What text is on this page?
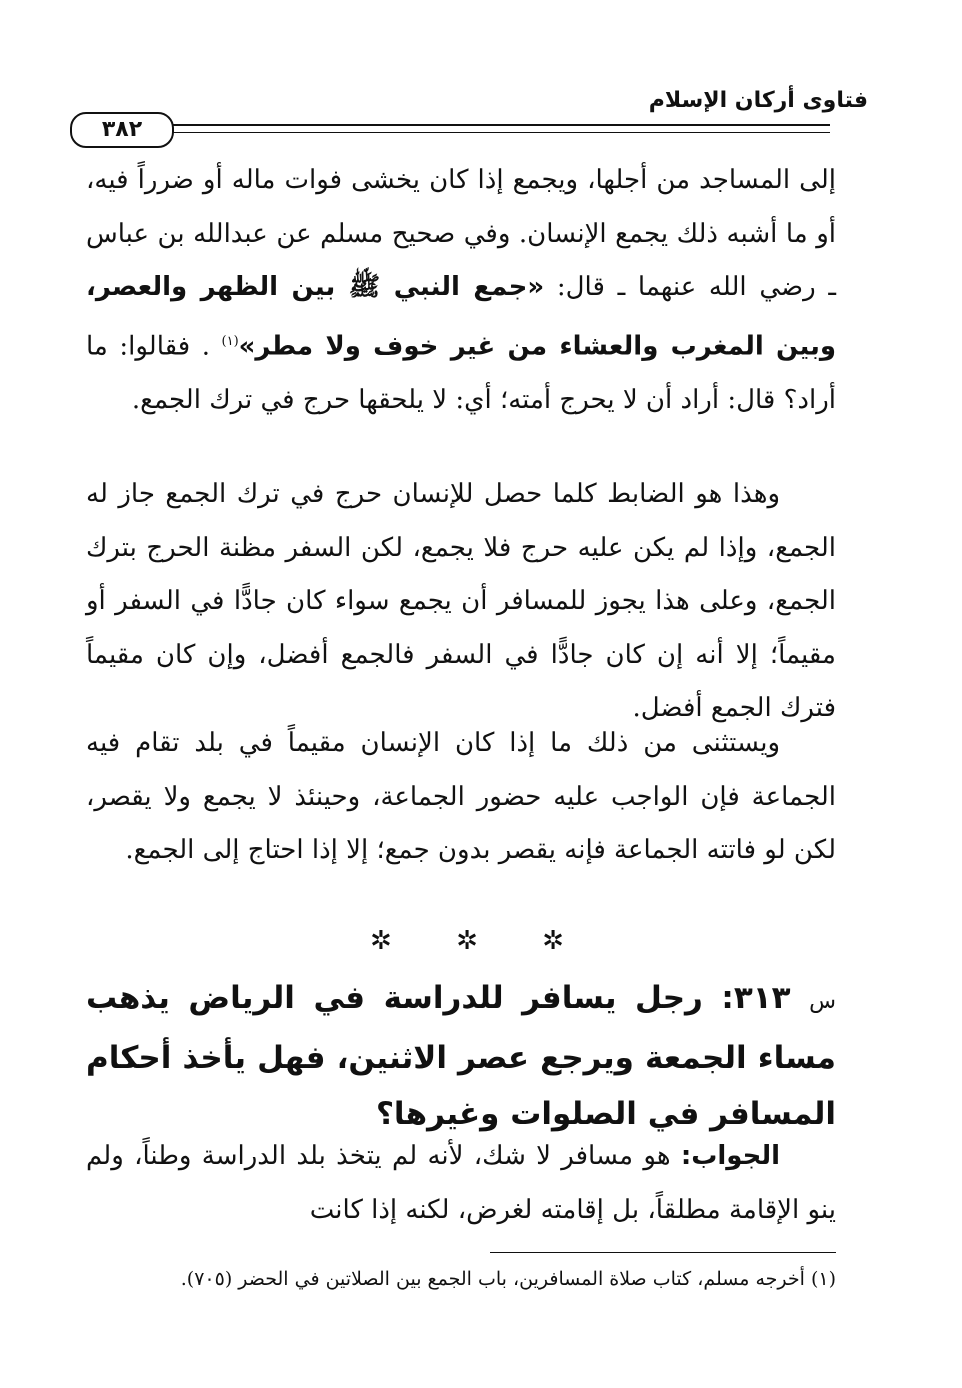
فتاوى أركان الإسلام
٣٨٢
إلى المساجد من أجلها، ويجمع إذا كان يخشى فوات ماله أو ضرراً فيه، أو ما أشبه ذلك يجمع الإنسان. وفي صحيح مسلم عن عبدالله بن عباس ـ رضي الله عنهما ـ قال: «جمع النبي ﷺ بين الظهر والعصر، وبين المغرب والعشاء من غير خوف ولا مطر»$^{(١)}$ . فقالوا: ما أراد؟ قال: أراد أن لا يحرج أمته؛ أي: لا يلحقها حرج في ترك الجمع.
وهذا هو الضابط كلما حصل للإنسان حرج في ترك الجمع جاز له الجمع، وإذا لم يكن عليه حرج فلا يجمع، لكن السفر مظنة الحرج بترك الجمع، وعلى هذا يجوز للمسافر أن يجمع سواء كان جادًّا في السفر أو مقيماً؛ إلا أنه إن كان جادًّا في السفر فالجمع أفضل، وإن كان مقيماً فترك الجمع أفضل.
ويستثنى من ذلك ما إذا كان الإنسان مقيماً في بلد تقام فيه الجماعة فإن الواجب عليه حضور الجماعة، وحينئذ لا يجمع ولا يقصر، لكن لو فاتته الجماعة فإنه يقصر بدون جمع؛ إلا إذا احتاج إلى الجمع.
✲ ✲ ✲
س ٣١٣: رجل يسافر للدراسة في الرياض يذهب مساء الجمعة ويرجع عصر الاثنين، فهل يأخذ أحكام المسافر في الصلوات وغيرها؟
الجواب: هو مسافر لا شك، لأنه لم يتخذ بلد الدراسة وطناً، ولم ينو الإقامة مطلقاً، بل إقامته لغرض، لكنه إذا كانت
(١) أخرجه مسلم، كتاب صلاة المسافرين، باب الجمع بين الصلاتين في الحضر (٧٠٥).
